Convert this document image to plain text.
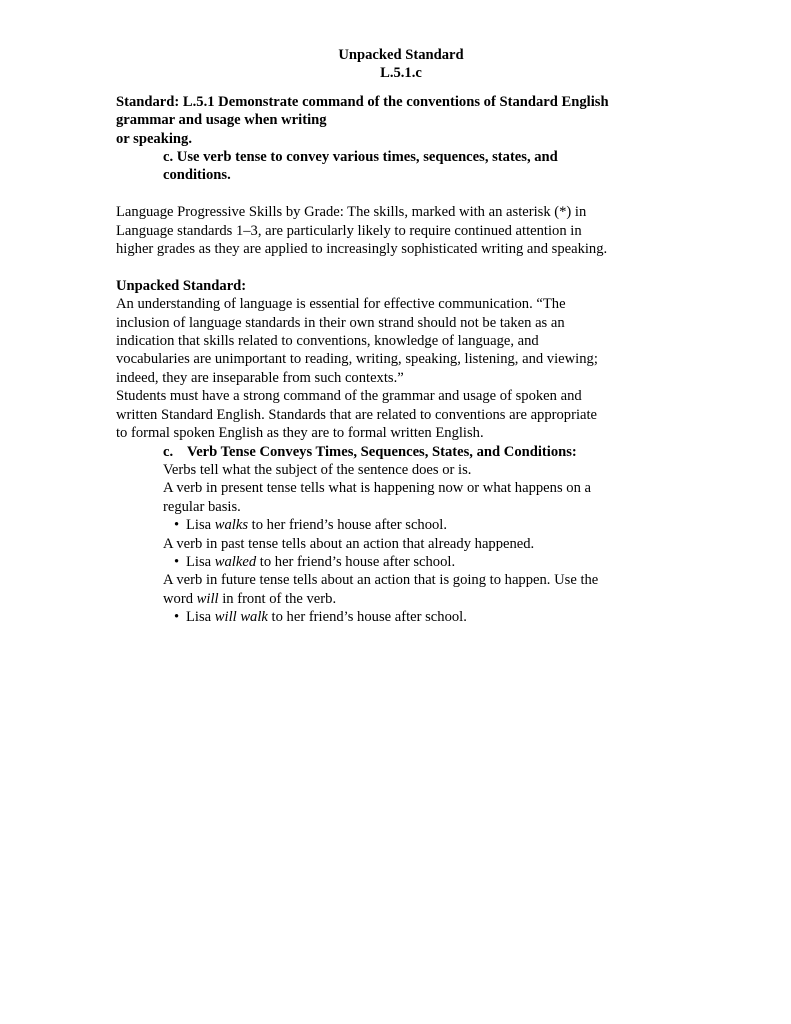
Unpacked Standard
L.5.1.c

Standard: L.5.1 Demonstrate command of the conventions of Standard English

grammar and usage when writing

or speaking.

c. Use verb tense to convey various times, sequences, states, and

conditions.

Language Progressive Skills by Grade: The skills, marked with an asterisk (*) in

Language standards 1–3, are particularly likely to require continued attention in

higher grades as they are applied to increasingly sophisticated writing and speaking.

Unpacked Standard:

An understanding of language is essential for effective communication. “The

inclusion of language standards in their own strand should not be taken as an

indication that skills related to conventions, knowledge of language, and

vocabularies are unimportant to reading, writing, speaking, listening, and viewing;

indeed, they are inseparable from such contexts.”

Students must have a strong command of the grammar and usage of spoken and

written Standard English. Standards that are related to conventions are appropriate

to formal spoken English as they are to formal written English.

c. Verb Tense Conveys Times, Sequences, States, and Conditions:

Verbs tell what the subject of the sentence does or is.

A verb in present tense tells what is happening now or what happens on a

regular basis.

• Lisa walks to her friend’s house after school.

A verb in past tense tells about an action that already happened.

• Lisa walked to her friend’s house after school.

A verb in future tense tells about an action that is going to happen. Use the

word will in front of the verb.

• Lisa will walk to her friend’s house after school.
